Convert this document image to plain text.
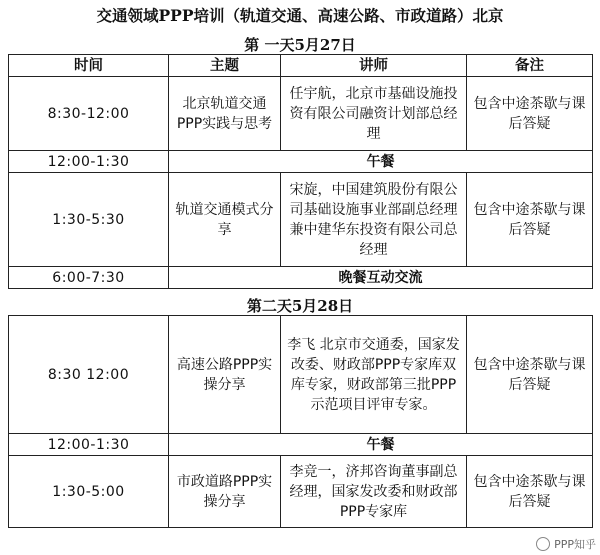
交通领域PPP培训（轨道交通、高速公路、市政道路）北京
第 一天5月27日
时间	主题	讲师	备注
8:30-12:00	北京轨道交通PPP实践与思考	任宇航，北京市基础设施投资有限公司融资计划部总经理	包含中途茶歇与课后答疑
12:00-1:30	午餐		
1:30-5:30	轨道交通模式分享	宋旋，中国建筑股份有限公司基础设施事业部副总经理兼中建华东投资有限公司总经理	包含中途茶歇与课后答疑
6:00-7:30	晚餐互动交流		
第二天5月28日
8:30 12:00	高速公路PPP实操分享	李飞 北京市交通委，国家发改委、财政部PPP专家库双库专家，财政部第三批PPP示范项目评审专家。	包含中途茶歇与课后答疑
12:00-1:30	午餐		
1:30-5:00	市政道路PPP实操分享	李竞一，济邦咨询董事副总经理，国家发改委和财政部PPP专家库	包含中途茶歇与课后答疑
PPP知乎
